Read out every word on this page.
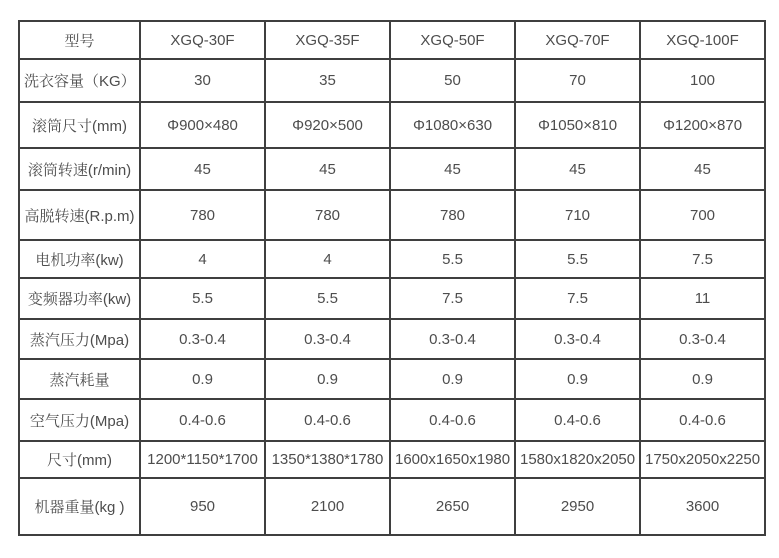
型号	XGQ-30F	XGQ-35F	XGQ-50F	XGQ-70F	XGQ-100F
洗衣容量（KG）	30	35	50	70	100
滚筒尺寸(mm)	Φ900×480	Φ920×500	Φ1080×630	Φ1050×810	Φ1200×870
滚筒转速(r/min)	45	45	45	45	45
高脱转速(R.p.m)	780	780	780	710	700
电机功率(kw)	4	4	5.5	5.5	7.5
变频器功率(kw)	5.5	5.5	7.5	7.5	11
蒸汽压力(Mpa)	0.3-0.4	0.3-0.4	0.3-0.4	0.3-0.4	0.3-0.4
蒸汽耗量	0.9	0.9	0.9	0.9	0.9
空气压力(Mpa)	0.4-0.6	0.4-0.6	0.4-0.6	0.4-0.6	0.4-0.6
尺寸(mm)	1200*1150*1700	1350*1380*1780	1600x1650x1980	1580x1820x2050	1750x2050x2250
机器重量(kg )	950	2100	2650	2950	3600
